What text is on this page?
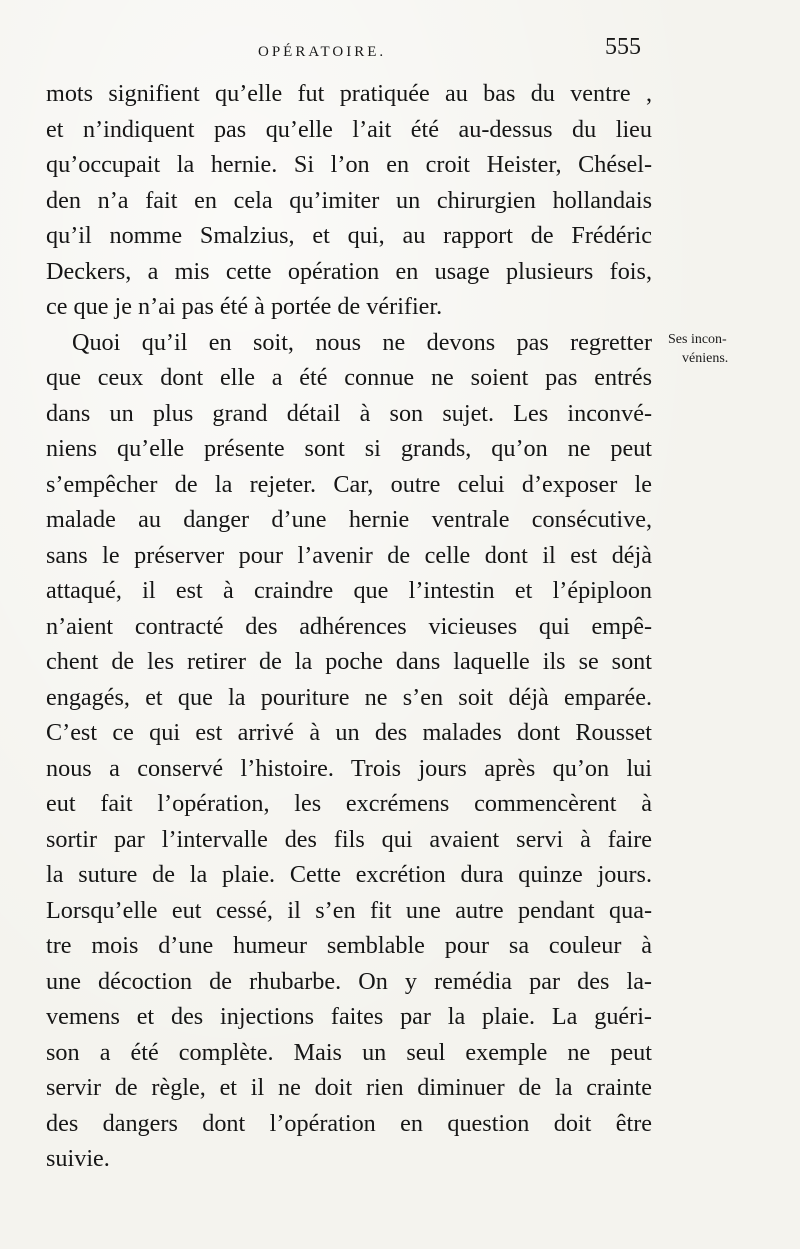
OPÉRATOIRE.	555
Ses incon-
véniens.
mots signifient qu’elle fut pratiquée au bas du ventre ,
et n’indiquent pas qu’elle l’ait été au-dessus du lieu
qu’occupait la hernie. Si l’on en croit Heister, Chésel-
den n’a fait en cela qu’imiter un chirurgien hollandais
qu’il nomme Smalzius, et qui, au rapport de Frédéric
Deckers, a mis cette opération en usage plusieurs fois,
ce que je n’ai pas été à portée de vérifier.
Quoi qu’il en soit, nous ne devons pas regretter
que ceux dont elle a été connue ne soient pas entrés
dans un plus grand détail à son sujet. Les inconvé-
niens qu’elle présente sont si grands, qu’on ne peut
s’empêcher de la rejeter. Car, outre celui d’exposer le
malade au danger d’une hernie ventrale consécutive,
sans le préserver pour l’avenir de celle dont il est déjà
attaqué, il est à craindre que l’intestin et l’épiploon
n’aient contracté des adhérences vicieuses qui empê-
chent de les retirer de la poche dans laquelle ils se sont
engagés, et que la pouriture ne s’en soit déjà emparée.
C’est ce qui est arrivé à un des malades dont Rousset
nous a conservé l’histoire. Trois jours après qu’on lui
eut fait l’opération, les excrémens commencèrent à
sortir par l’intervalle des fils qui avaient servi à faire
la suture de la plaie. Cette excrétion dura quinze jours.
Lorsqu’elle eut cessé, il s’en fit une autre pendant qua-
tre mois d’une humeur semblable pour sa couleur à
une décoction de rhubarbe. On y remédia par des la-
vemens et des injections faites par la plaie. La guéri-
son a été complète. Mais un seul exemple ne peut
servir de règle, et il ne doit rien diminuer de la crainte
des dangers dont l’opération en question doit être
suivie.
